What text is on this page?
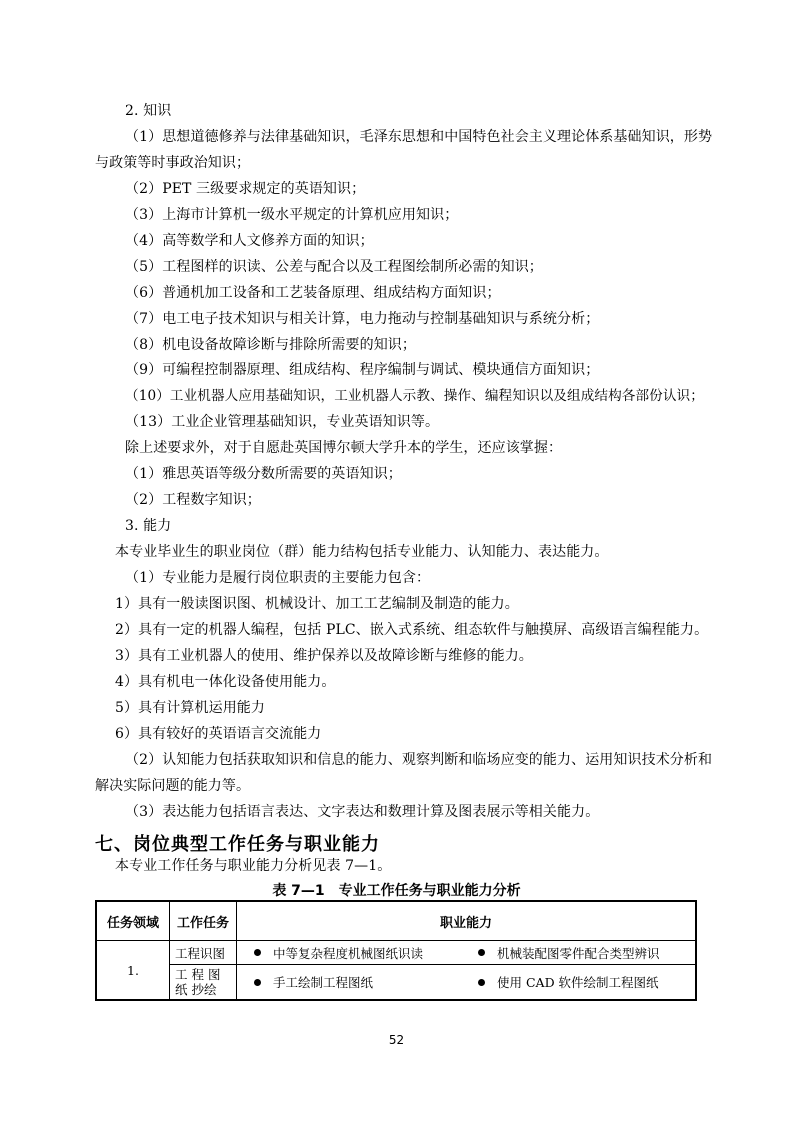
2. 知识
（1）思想道德修养与法律基础知识，毛泽东思想和中国特色社会主义理论体系基础知识，形势
与政策等时事政治知识；
（2）PET 三级要求规定的英语知识；
（3）上海市计算机一级水平规定的计算机应用知识；
（4）高等数学和人文修养方面的知识；
（5）工程图样的识读、公差与配合以及工程图绘制所必需的知识；
（6）普通机加工设备和工艺装备原理、组成结构方面知识；
（7）电工电子技术知识与相关计算，电力拖动与控制基础知识与系统分析；
（8）机电设备故障诊断与排除所需要的知识；
（9）可编程控制器原理、组成结构、程序编制与调试、模块通信方面知识；
（10）工业机器人应用基础知识，工业机器人示教、操作、编程知识以及组成结构各部份认识；
（13）工业企业管理基础知识，专业英语知识等。
除上述要求外，对于自愿赴英国博尔顿大学升本的学生，还应该掌握：
（1）雅思英语等级分数所需要的英语知识；
（2）工程数字知识；
3. 能力
本专业毕业生的职业岗位（群）能力结构包括专业能力、认知能力、表达能力。
（1）专业能力是履行岗位职责的主要能力包含：
1）具有一般读图识图、机械设计、加工工艺编制及制造的能力。
2）具有一定的机器人编程，包括 PLC、嵌入式系统、组态软件与触摸屏、高级语言编程能力。
3）具有工业机器人的使用、维护保养以及故障诊断与维修的能力。
4）具有机电一体化设备使用能力。
5）具有计算机运用能力
6）具有较好的英语语言交流能力
（2）认知能力包括获取知识和信息的能力、观察判断和临场应变的能力、运用知识技术分析和
解决实际问题的能力等。
（3）表达能力包括语言表达、文字表达和数理计算及图表展示等相关能力。
七、岗位典型工作任务与职业能力
本专业工作任务与职业能力分析见表 7—1。
表 7—1　专业工作任务与职业能力分析
任务领域	工作任务	职业能力
1.	工程识图	中等复杂程度机械图纸识读 机械装配图零件配合类型辨识

	工 程 图 纸 抄绘	手工绘制工程图纸 使用 CAD 软件绘制工程图纸
52
